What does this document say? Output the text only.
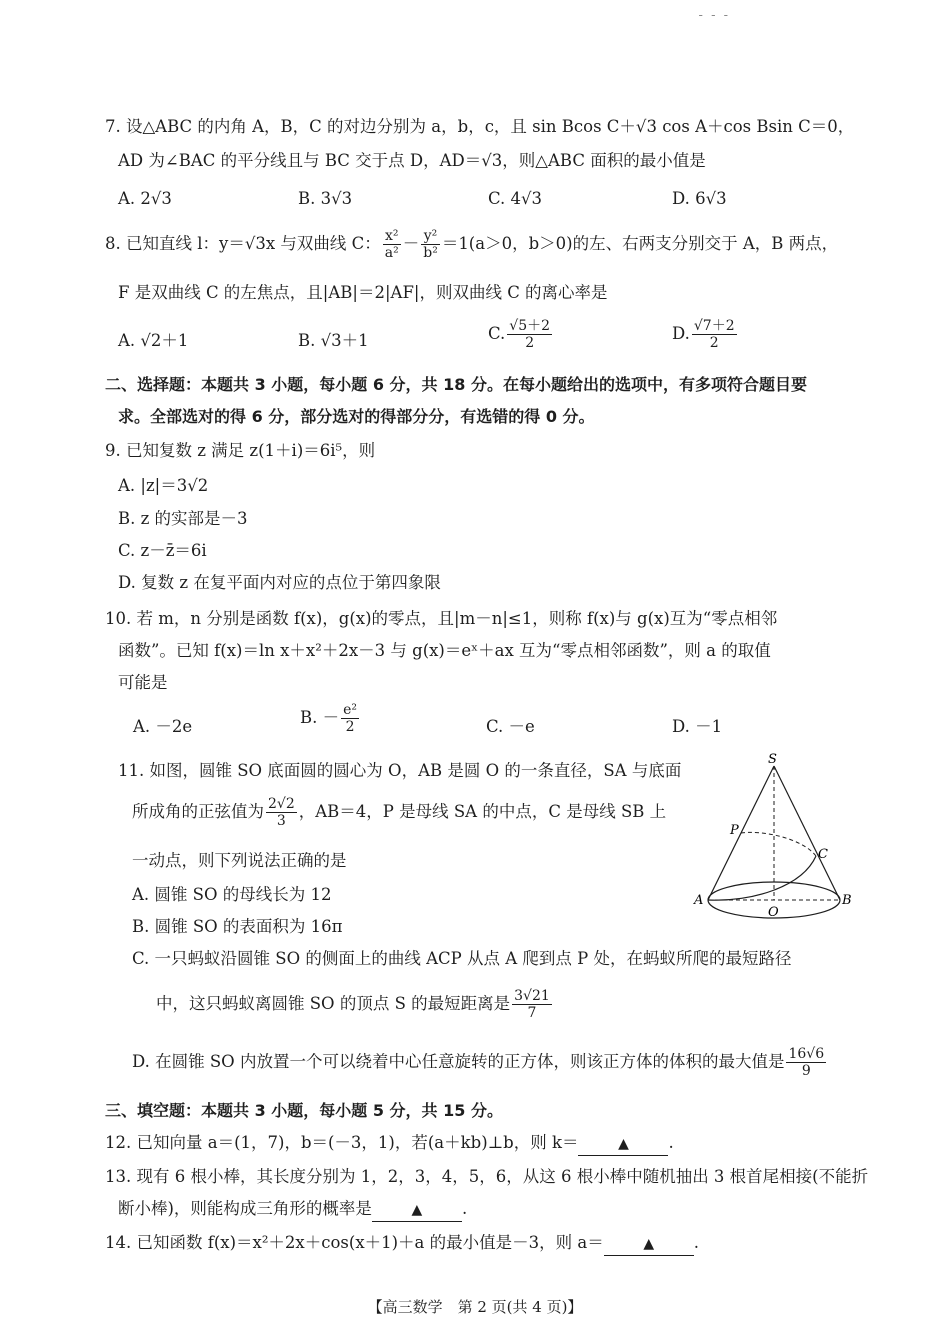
- - -
7. 设△ABC 的内角 A，B，C 的对边分别为 a，b，c，且 sin Bcos C＋√3 cos A＋cos Bsin C＝0，
AD 为∠BAC 的平分线且与 BC 交于点 D，AD＝√3，则△ABC 面积的最小值是
A. 2√3	B. 3√3	C. 4√3	D. 6√3
8. 已知直线 l：y＝√3x 与双曲线 C： $\frac{\text{x²}}{\text{a²}} - \frac{\text{y²}}{\text{b²}} =1(a>0$，b＞0)的左、右两支分别交于 A，B 两点，
F 是双曲线 C 的左焦点，且|AB|＝2|AF|，则双曲线 C 的离心率是
A. √2＋1	B. √3＋1	C. $\frac{√5+2}{2}$	D. $\frac{√7+2}{2}$
二、选择题：本题共 3 小题，每小题 6 分，共 18 分。在每小题给出的选项中，有多项符合题目要
求。全部选对的得 6 分，部分选对的得部分分，有选错的得 0 分。
9. 已知复数 z 满足 z(1＋i)＝6i⁵，则
A. |z|＝3√2
B. z 的实部是－3
C. z－z̄＝6i
D. 复数 z 在复平面内对应的点位于第四象限
10. 若 m，n 分别是函数 f(x)，g(x)的零点，且|m－n|≤1，则称 f(x)与 g(x)互为“零点相邻
函数”。已知 f(x)＝ln x＋x²＋2x－3 与 g(x)＝eˣ＋ax 互为“零点相邻函数”，则 a 的取值
可能是
A. －2e	B. － $\frac{\text{e²}}{2}$	C. －e	D. －1
11. 如图，圆锥 SO 底面圆的圆心为 O，AB 是圆 O 的一条直径，SA 与底面
所成角的正弦值为 $\frac{2√2}{3}$ ，AB＝4，P 是母线 SA 的中点，C 是母线 SB 上
一动点，则下列说法正确的是
A. 圆锥 SO 的母线长为 12
B. 圆锥 SO 的表面积为 16π
C. 一只蚂蚁沿圆锥 SO 的侧面上的曲线 ACP 从点 A 爬到点 P 处，在蚂蚁所爬的最短路径
中，这只蚂蚁离圆锥 SO 的顶点 S 的最短距离是 $\frac{3√21}{7}$
D. 在圆锥 SO 内放置一个可以绕着中心任意旋转的正方体，则该正方体的体积的最大值是 $\frac{16√6}{9}$
S
P
C
A
O
B
三、填空题：本题共 3 小题，每小题 5 分，共 15 分。
12. 已知向量 a＝(1，7)，b＝(－3，1)，若(a＋kb)⊥b，则 k＝	▲ .
13. 现有 6 根小棒，其长度分别为 1，2，3，4，5，6，从这 6 根小棒中随机抽出 3 根首尾相接(不能折
断小棒)，则能构成三角形的概率是	▲ .
14. 已知函数 f(x)＝x²＋2x＋cos(x＋1)＋a 的最小值是－3，则 a＝	▲ .
【高三数学　第 2 页(共 4 页)】
